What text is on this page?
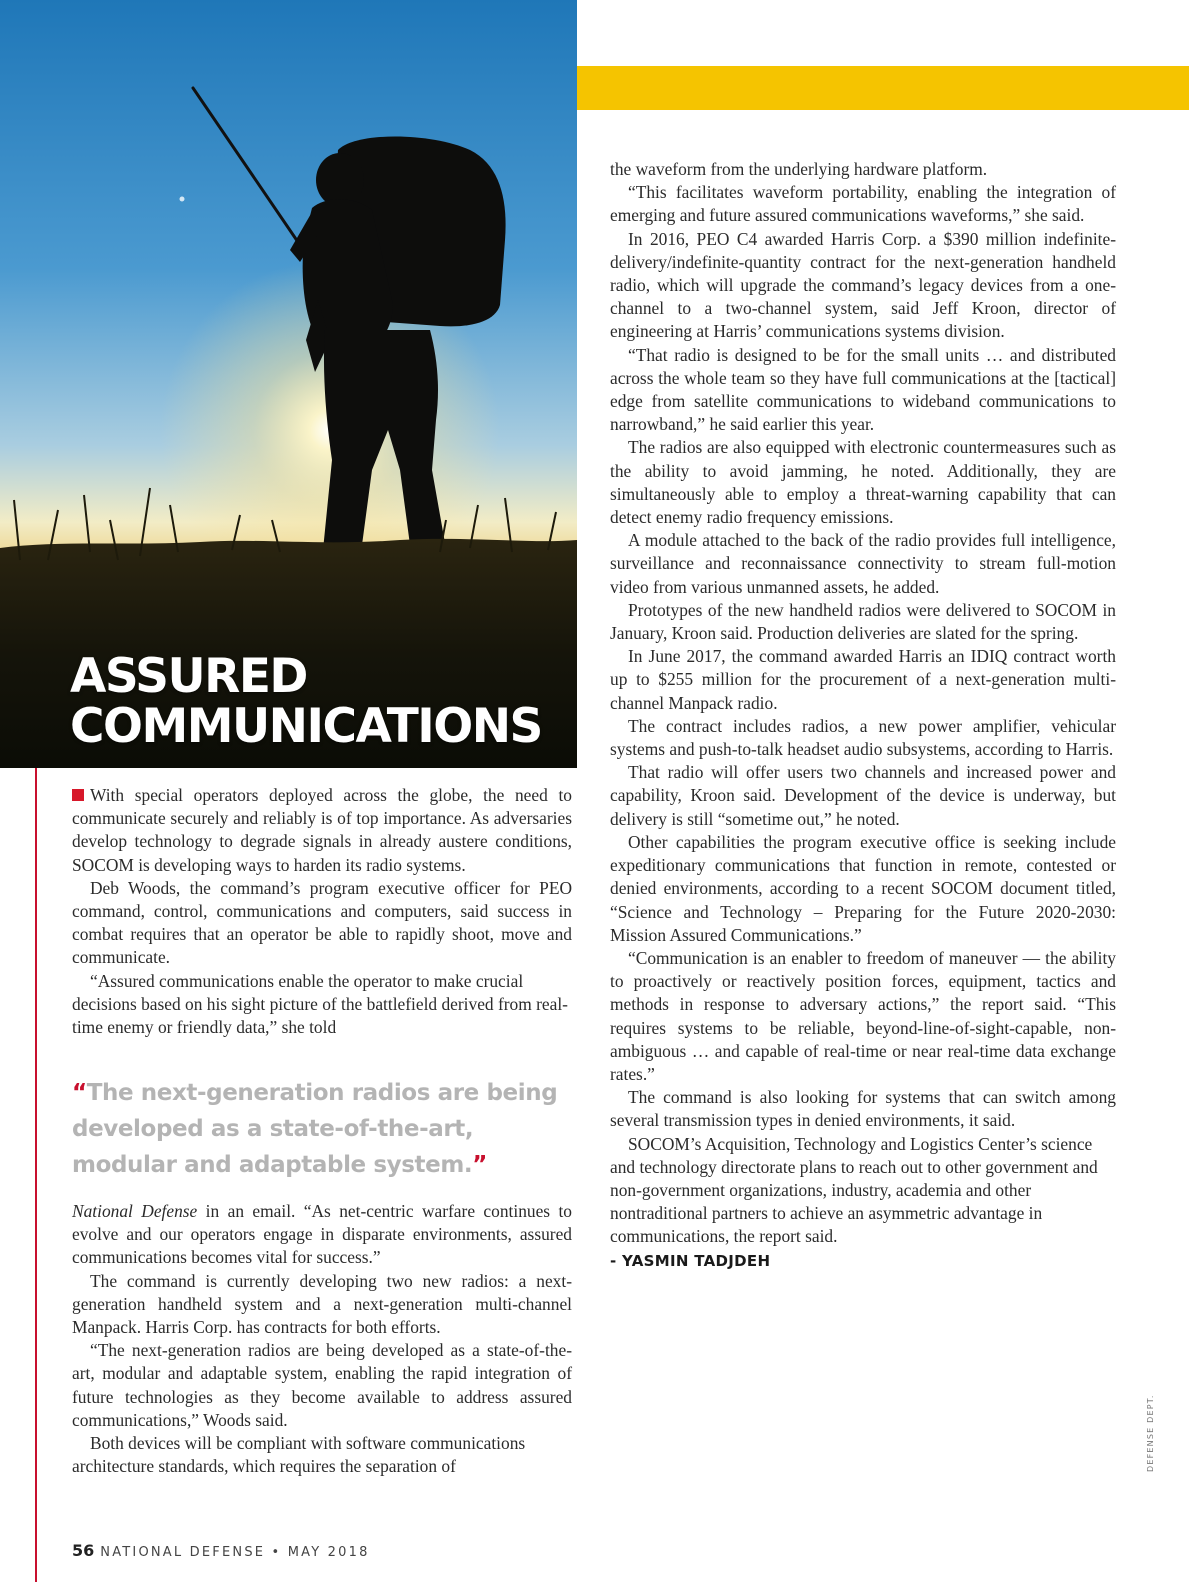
ASSURED
COMMUNICATIONS

With special operators deployed across the globe, the need to communicate securely and reliably is of top importance. As adversaries develop technology to degrade signals in already austere conditions, SOCOM is developing ways to harden its radio systems.

Deb Woods, the command’s program executive officer for PEO command, control, communications and computers, said success in combat requires that an operator be able to rapidly shoot, move and communicate.

“Assured communications enable the operator to make crucial decisions based on his sight picture of the battlefield derived from real-time enemy or friendly data,” she told

“The next-generation radios are being developed as a state-of-the-art, modular and adaptable system.”

National Defense in an email. “As net-centric warfare continues to evolve and our operators engage in disparate environments, assured communications becomes vital for success.”

The command is currently developing two new radios: a next-generation handheld system and a next-generation multi-channel Manpack. Harris Corp. has contracts for both efforts.

“The next-generation radios are being developed as a state-of-the-art, modular and adaptable system, enabling the rapid integration of future technologies as they become available to address assured communications,” Woods said.

Both devices will be compliant with software communications architecture standards, which requires the separation of

the waveform from the underlying hardware platform.

“This facilitates waveform portability, enabling the integration of emerging and future assured communications waveforms,” she said.

In 2016, PEO C4 awarded Harris Corp. a $390 million indefinite-delivery/indefinite-quantity contract for the next-generation handheld radio, which will upgrade the command’s legacy devices from a one-channel to a two-channel system, said Jeff Kroon, director of engineering at Harris’ communications systems division.

“That radio is designed to be for the small units … and distributed across the whole team so they have full communications at the [tactical] edge from satellite communications to wideband communications to narrowband,” he said earlier this year.

The radios are also equipped with electronic countermeasures such as the ability to avoid jamming, he noted. Additionally, they are simultaneously able to employ a threat-warning capability that can detect enemy radio frequency emissions.

A module attached to the back of the radio provides full intelligence, surveillance and reconnaissance connectivity to stream full-motion video from various unmanned assets, he added.

Prototypes of the new handheld radios were delivered to SOCOM in January, Kroon said. Production deliveries are slated for the spring.

In June 2017, the command awarded Harris an IDIQ contract worth up to $255 million for the procurement of a next-generation multi-channel Manpack radio.

The contract includes radios, a new power amplifier, vehicular systems and push-to-talk headset audio subsystems, according to Harris.

That radio will offer users two channels and increased power and capability, Kroon said. Development of the device is underway, but delivery is still “sometime out,” he noted.

Other capabilities the program executive office is seeking include expeditionary communications that function in remote, contested or denied environments, according to a recent SOCOM document titled, “Science and Technology – Preparing for the Future 2020-2030: Mission Assured Communications.”

“Communication is an enabler to freedom of maneuver — the ability to proactively or reactively position forces, equipment, tactics and methods in response to adversary actions,” the report said. “This requires systems to be reliable, beyond-line-of-sight-capable, non-ambiguous … and capable of real-time or near real-time data exchange rates.”

The command is also looking for systems that can switch among several transmission types in denied environments, it said.

SOCOM’s Acquisition, Technology and Logistics Center’s science and technology directorate plans to reach out to other government and non-government organizations, industry, academia and other nontraditional partners to achieve an asymmetric advantage in communications, the report said.

- YASMIN TADJDEH
56 NATIONAL DEFENSE • MAY 2018
DEFENSE DEPT.
